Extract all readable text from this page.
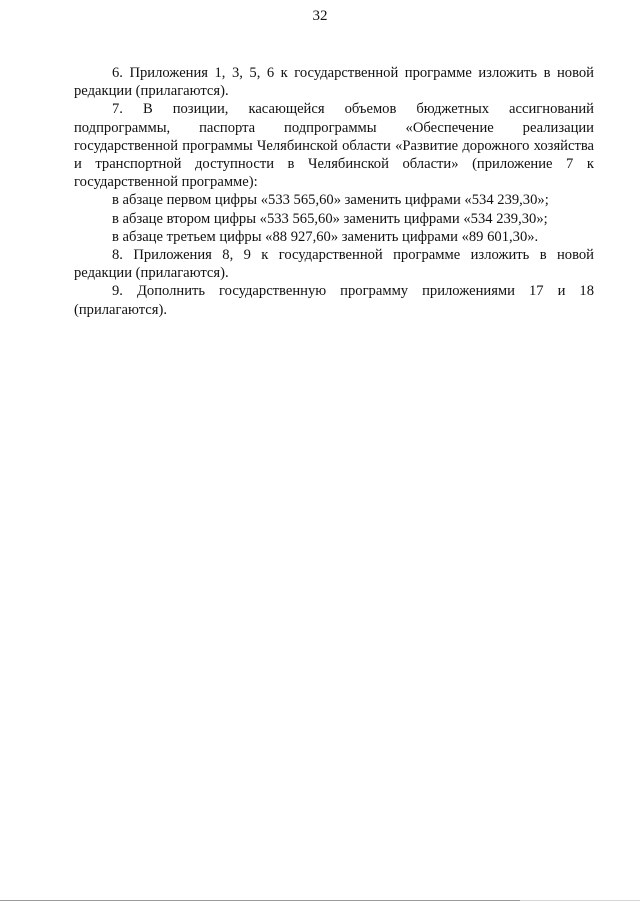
32

6. Приложения 1, 3, 5, 6 к государственной программе изложить в новой редакции (прилагаются).

7. В позиции, касающейся объемов бюджетных ассигнований подпрограммы, паспорта подпрограммы «Обеспечение реализации государственной программы Челябинской области «Развитие дорожного хозяйства и транспортной доступности в Челябинской области» (приложение 7 к государственной программе):

в абзаце первом цифры «533 565,60» заменить цифрами «534 239,30»;

в абзаце втором цифры «533 565,60» заменить цифрами «534 239,30»;

в абзаце третьем цифры «88 927,60» заменить цифрами «89 601,30».

8. Приложения 8, 9 к государственной программе изложить в новой редакции (прилагаются).

9. Дополнить государственную программу приложениями 17 и 18 (прилагаются).
